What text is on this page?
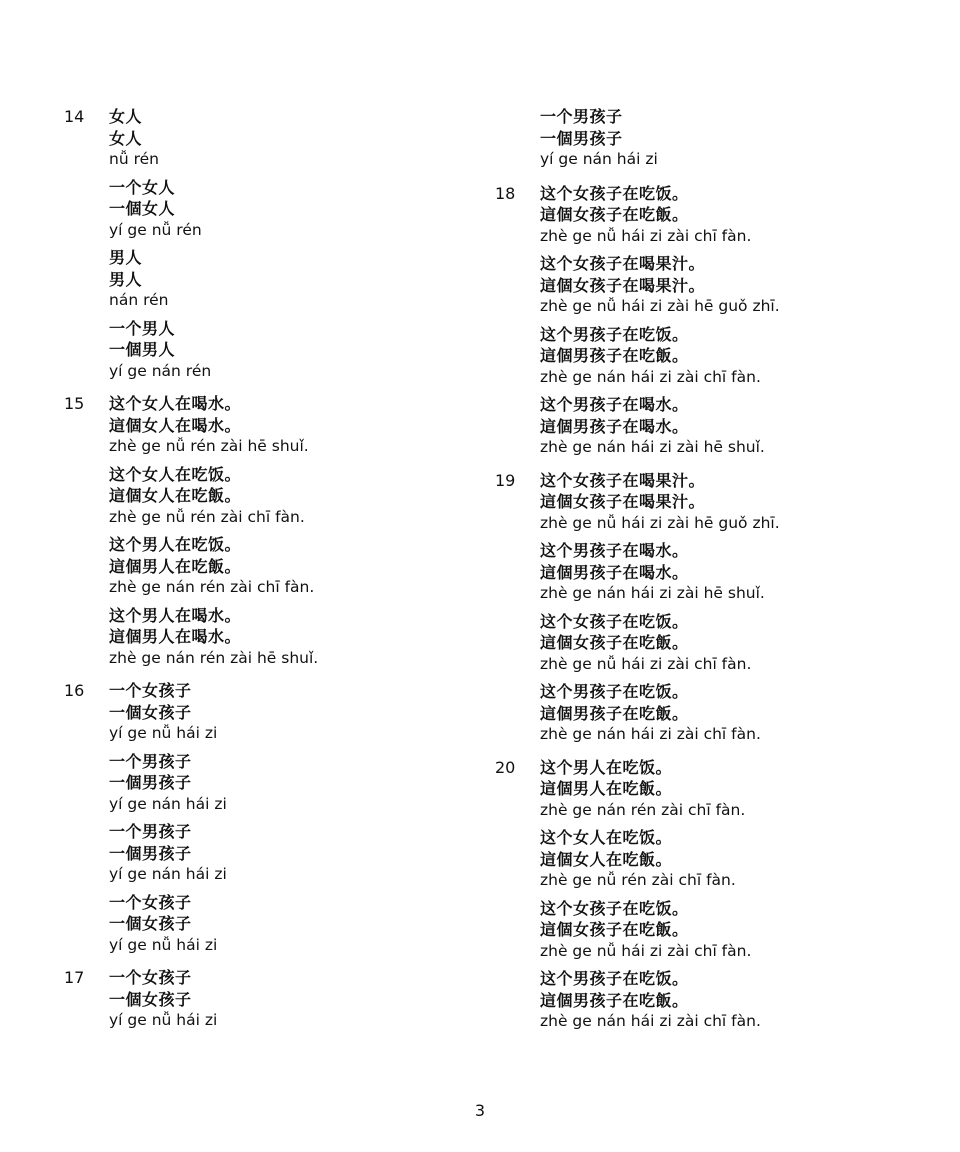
14	女人
女人
nǚ rén
一个女人
一個女人
yí ge nǚ rén
男人
男人
nán rén
一个男人
一個男人
yí ge nán rén
15	这个女人在喝水。
這個女人在喝水。
zhè ge nǚ rén zài hē shuǐ.
这个女人在吃饭。
這個女人在吃飯。
zhè ge nǚ rén zài chī fàn.
这个男人在吃饭。
這個男人在吃飯。
zhè ge nán rén zài chī fàn.
这个男人在喝水。
這個男人在喝水。
zhè ge nán rén zài hē shuǐ.
16	一个女孩子
一個女孩子
yí ge nǚ hái zi
一个男孩子
一個男孩子
yí ge nán hái zi
一个男孩子
一個男孩子
yí ge nán hái zi
一个女孩子
一個女孩子
yí ge nǚ hái zi
17	一个女孩子
一個女孩子
yí ge nǚ hái zi
一个男孩子
一個男孩子
yí ge nán hái zi
18	这个女孩子在吃饭。
這個女孩子在吃飯。
zhè ge nǚ hái zi zài chī fàn.
这个女孩子在喝果汁。
這個女孩子在喝果汁。
zhè ge nǚ hái zi zài hē guǒ zhī.
这个男孩子在吃饭。
這個男孩子在吃飯。
zhè ge nán hái zi zài chī fàn.
这个男孩子在喝水。
這個男孩子在喝水。
zhè ge nán hái zi zài hē shuǐ.
19	这个女孩子在喝果汁。
這個女孩子在喝果汁。
zhè ge nǚ hái zi zài hē guǒ zhī.
这个男孩子在喝水。
這個男孩子在喝水。
zhè ge nán hái zi zài hē shuǐ.
这个女孩子在吃饭。
這個女孩子在吃飯。
zhè ge nǚ hái zi zài chī fàn.
这个男孩子在吃饭。
這個男孩子在吃飯。
zhè ge nán hái zi zài chī fàn.
20	这个男人在吃饭。
這個男人在吃飯。
zhè ge nán rén zài chī fàn.
这个女人在吃饭。
這個女人在吃飯。
zhè ge nǚ rén zài chī fàn.
这个女孩子在吃饭。
這個女孩子在吃飯。
zhè ge nǚ hái zi zài chī fàn.
这个男孩子在吃饭。
這個男孩子在吃飯。
zhè ge nán hái zi zài chī fàn.
3
